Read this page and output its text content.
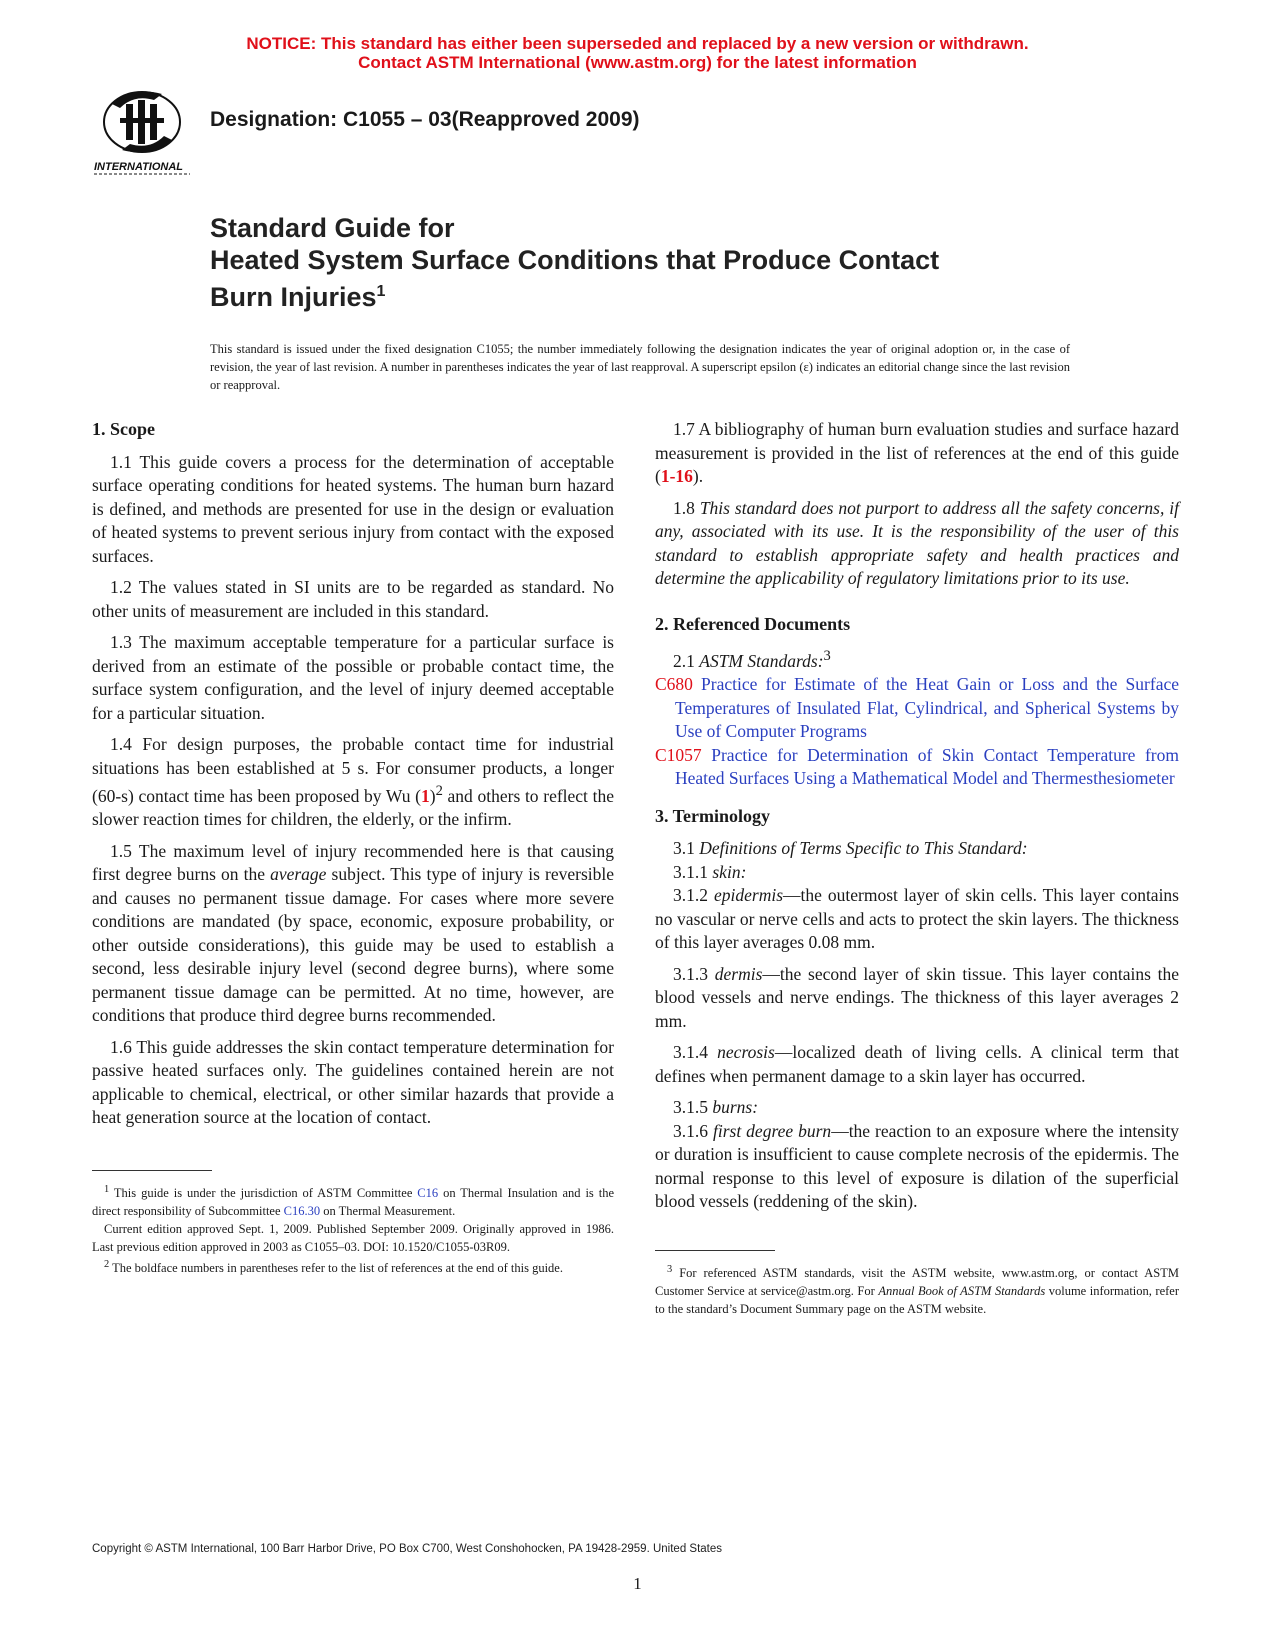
NOTICE: This standard has either been superseded and replaced by a new version or withdrawn.
Contact ASTM International (www.astm.org) for the latest information
INTERNATIONAL
Designation: C1055 – 03(Reapproved 2009)
Standard Guide for
Heated System Surface Conditions that Produce Contact
Burn Injuries$^1$
This standard is issued under the fixed designation C1055; the number immediately following the designation indicates the year of original adoption or, in the case of revision, the year of last revision. A number in parentheses indicates the year of last reapproval. A superscript epsilon (ε) indicates an editorial change since the last revision or reapproval.
1. Scope

1.1 This guide covers a process for the determination of acceptable surface operating conditions for heated systems. The human burn hazard is defined, and methods are presented for use in the design or evaluation of heated systems to prevent serious injury from contact with the exposed surfaces.

1.2 The values stated in SI units are to be regarded as standard. No other units of measurement are included in this standard.

1.3 The maximum acceptable temperature for a particular surface is derived from an estimate of the possible or probable contact time, the surface system configuration, and the level of injury deemed acceptable for a particular situation.

1.4 For design purposes, the probable contact time for industrial situations has been established at 5 s. For consumer products, a longer (60-s) contact time has been proposed by Wu $(1)^2$ and others to reflect the slower reaction times for children, the elderly, or the infirm.

1.5 The maximum level of injury recommended here is that causing first degree burns on the average subject. This type of injury is reversible and causes no permanent tissue damage. For cases where more severe conditions are mandated (by space, economic, exposure probability, or other outside considerations), this guide may be used to establish a second, less desirable injury level (second degree burns), where some permanent tissue damage can be permitted. At no time, however, are conditions that produce third degree burns recommended.

1.6 This guide addresses the skin contact temperature determination for passive heated surfaces only. The guidelines contained herein are not applicable to chemical, electrical, or other similar hazards that provide a heat generation source at the location of contact.

$^1$ This guide is under the jurisdiction of ASTM Committee C16 on Thermal Insulation and is the direct responsibility of Subcommittee C16.30 on Thermal Measurement.

Current edition approved Sept. 1, 2009. Published September 2009. Originally approved in 1986. Last previous edition approved in 2003 as C1055–03. DOI: 10.1520/C1055-03R09.

$^2$ The boldface numbers in parentheses refer to the list of references at the end of this guide.

1.7 A bibliography of human burn evaluation studies and surface hazard measurement is provided in the list of references at the end of this guide (1-16).

1.8 This standard does not purport to address all the safety concerns, if any, associated with its use. It is the responsibility of the user of this standard to establish appropriate safety and health practices and determine the applicability of regulatory limitations prior to its use.

2. Referenced Documents

2.1 ASTM Standards:$^3$

C680 Practice for Estimate of the Heat Gain or Loss and the Surface Temperatures of Insulated Flat, Cylindrical, and Spherical Systems by Use of Computer Programs
C1057 Practice for Determination of Skin Contact Temperature from Heated Surfaces Using a Mathematical Model and Thermesthesiometer
3. Terminology

3.1 Definitions of Terms Specific to This Standard:

3.1.1 skin:

3.1.2 epidermis—the outermost layer of skin cells. This layer contains no vascular or nerve cells and acts to protect the skin layers. The thickness of this layer averages 0.08 mm.

3.1.3 dermis—the second layer of skin tissue. This layer contains the blood vessels and nerve endings. The thickness of this layer averages 2 mm.

3.1.4 necrosis—localized death of living cells. A clinical term that defines when permanent damage to a skin layer has occurred.

3.1.5 burns:

3.1.6 first degree burn—the reaction to an exposure where the intensity or duration is insufficient to cause complete necrosis of the epidermis. The normal response to this level of exposure is dilation of the superficial blood vessels (reddening of the skin).

$^3$ For referenced ASTM standards, visit the ASTM website, www.astm.org, or contact ASTM Customer Service at service@astm.org. For Annual Book of ASTM Standards volume information, refer to the standard’s Document Summary page on the ASTM website.

Copyright © ASTM International, 100 Barr Harbor Drive, PO Box C700, West Conshohocken, PA 19428-2959. United States
1
